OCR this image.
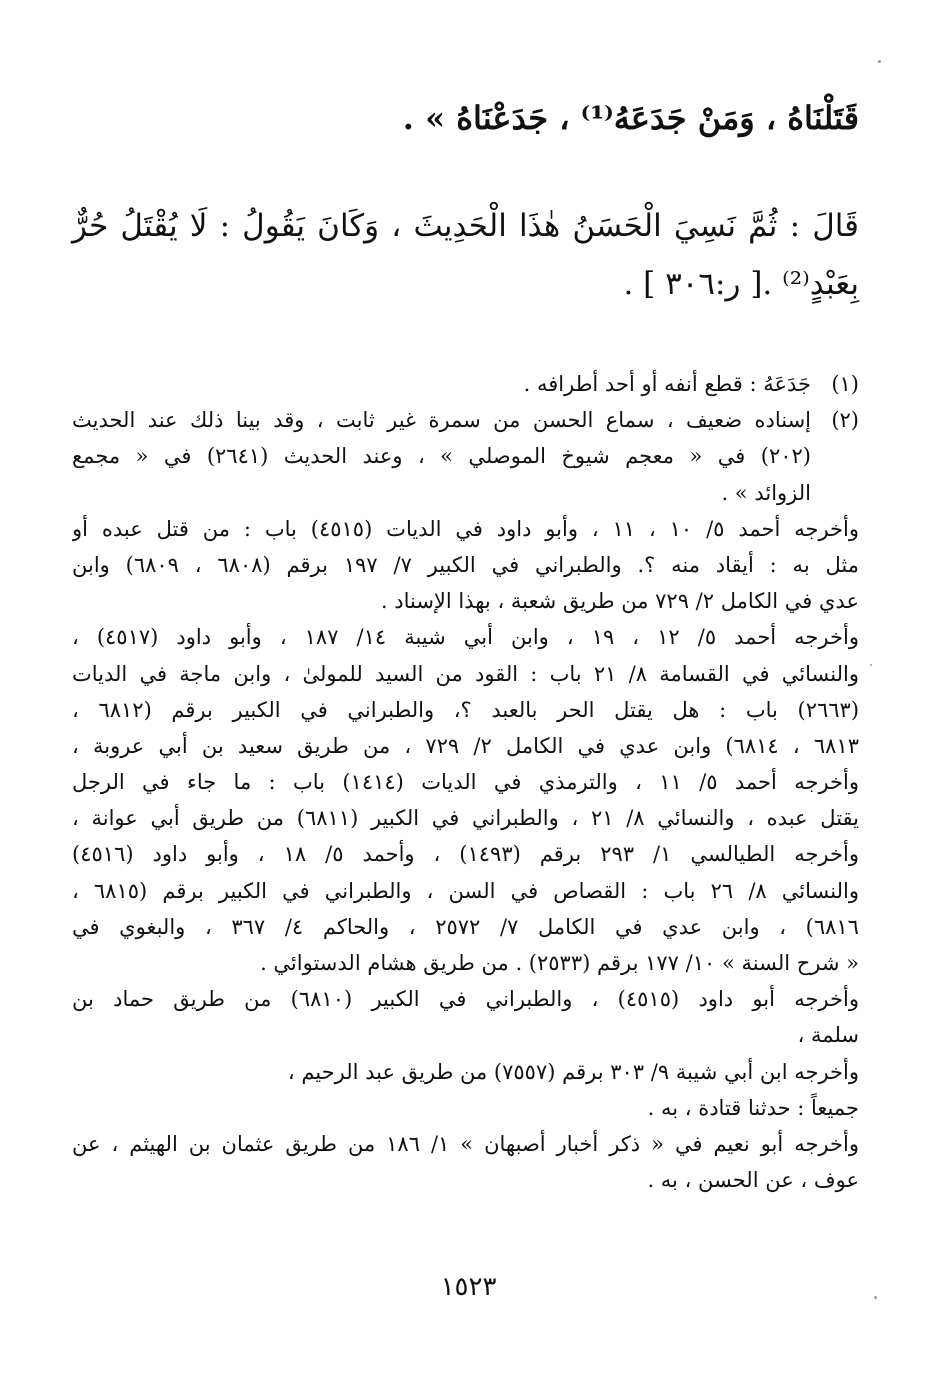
قَتَلْنَاهُ ، وَمَنْ جَدَعَهُ⁽¹⁾ ، جَدَعْنَاهُ » .
قَالَ : ثُمَّ نَسِيَ الْحَسَنُ هٰذَا الْحَدِيثَ ، وَكَانَ يَقُولُ : لَا يُقْتَلُ حُرٌّ
بِعَبْدٍ⁽²⁾ .[ ر:٣٠٦ ] .
(١)جَدَعَهُ : قطع أنفه أو أحد أطرافه .
(٢)إسناده ضعيف ، سماع الحسن من سمرة غير ثابت ، وقد بينا ذلك عند الحديث
(٢٠٢) في « معجم شيوخ الموصلي » ، وعند الحديث (٢٦٤١) في « مجمع
الزوائد » .
وأخرجه أحمد ٥/ ١٠ ، ١١ ، وأبو داود في الديات (٤٥١٥) باب : من قتل عبده أو
مثل به : أيقاد منه ؟. والطبراني في الكبير ٧/ ١٩٧ برقم (٦٨٠٨ ، ٦٨٠٩) وابن
عدي في الكامل ٢/ ٧٢٩ من طريق شعبة ، بهذا الإسناد .
وأخرجه أحمد ٥/ ١٢ ، ١٩ ، وابن أبي شيبة ١٤/ ١٨٧ ، وأبو داود (٤٥١٧) ،
والنسائي في القسامة ٨/ ٢١ باب : القود من السيد للمولىٰ ، وابن ماجة في الديات
(٢٦٦٣) باب : هل يقتل الحر بالعبد ؟، والطبراني في الكبير برقم (٦٨١٢ ،
٦٨١٣ ، ٦٨١٤) وابن عدي في الكامل ٢/ ٧٢٩ ، من طريق سعيد بن أبي عروبة ،
وأخرجه أحمد ٥/ ١١ ، والترمذي في الديات (١٤١٤) باب : ما جاء في الرجل
يقتل عبده ، والنسائي ٨/ ٢١ ، والطبراني في الكبير (٦٨١١) من طريق أبي عوانة ،
وأخرجه الطيالسي ١/ ٢٩٣ برقم (١٤٩٣) ، وأحمد ٥/ ١٨ ، وأبو داود (٤٥١٦)
والنسائي ٨/ ٢٦ باب : القصاص في السن ، والطبراني في الكبير برقم (٦٨١٥ ،
٦٨١٦) ، وابن عدي في الكامل ٧/ ٢٥٧٢ ، والحاكم ٤/ ٣٦٧ ، والبغوي في
« شرح السنة » ١٠/ ١٧٧ برقم (٢٥٣٣) . من طريق هشام الدستوائي .
وأخرجه أبو داود (٤٥١٥) ، والطبراني في الكبير (٦٨١٠) من طريق حماد بن
سلمة ،
وأخرجه ابن أبي شيبة ٩/ ٣٠٣ برقم (٧٥٥٧) من طريق عبد الرحيم ،
جميعاً : حدثنا قتادة ، به .
وأخرجه أبو نعيم في « ذكر أخبار أصبهان » ١/ ١٨٦ من طريق عثمان بن الهيثم ، عن
عوف ، عن الحسن ، به .
١٥٢٣
